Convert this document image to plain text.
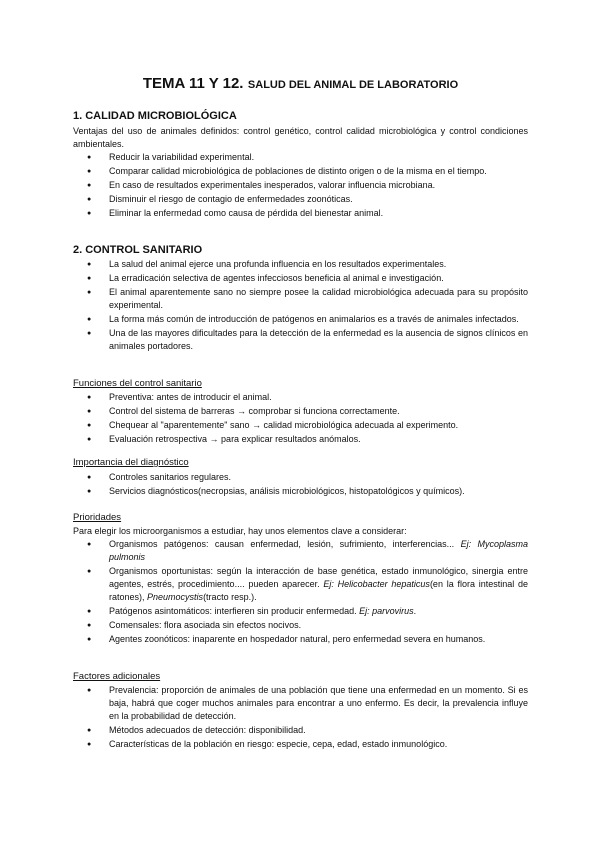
TEMA 11 Y 12. SALUD DEL ANIMAL DE LABORATORIO
1. CALIDAD MICROBIOLÓGICA

Ventajas del uso de animales definidos: control genético, control calidad microbiológica y control condiciones ambientales.

● Reducir la variabilidad experimental.
● Comparar calidad microbiológica de poblaciones de distinto origen o de la misma en el tiempo.
● En caso de resultados experimentales inesperados, valorar influencia microbiana.
● Disminuir el riesgo de contagio de enfermedades zoonóticas.
● Eliminar la enfermedad como causa de pérdida del bienestar animal.
2. CONTROL SANITARIO
● La salud del animal ejerce una profunda influencia en los resultados experimentales.
● La erradicación selectiva de agentes infecciosos beneficia al animal e investigación.
● El animal aparentemente sano no siempre posee la calidad microbiológica adecuada para su propósito experimental.
● La forma más común de introducción de patógenos en animalarios es a través de animales infectados.
● Una de las mayores dificultades para la detección de la enfermedad es la ausencia de signos clínicos en animales portadores.
Funciones del control sanitario
● Preventiva: antes de introducir el animal.
● Control del sistema de barreras → comprobar si funciona correctamente.
● Chequear al "aparentemente" sano → calidad microbiológica adecuada al experimento.
● Evaluación retrospectiva → para explicar resultados anómalos.
Importancia del diagnóstico
● Controles sanitarios regulares.
● Servicios diagnósticos(necropsias, análisis microbiológicos, histopatológicos y químicos).
Prioridades

Para elegir los microorganismos a estudiar, hay unos elementos clave a considerar:

● Organismos patógenos: causan enfermedad, lesión, sufrimiento, interferencias... Ej: Mycoplasma pulmonis
● Organismos oportunistas: según la interacción de base genética, estado inmunológico, sinergia entre agentes, estrés, procedimiento.... pueden aparecer. Ej: Helicobacter hepaticus(en la flora intestinal de ratones), Pneumocystis(tracto resp.).
● Patógenos asintomáticos: interfieren sin producir enfermedad. Ej: parvovirus.
● Comensales: flora asociada sin efectos nocivos.
● Agentes zoonóticos: inaparente en hospedador natural, pero enfermedad severa en humanos.
Factores adicionales
● Prevalencia: proporción de animales de una población que tiene una enfermedad en un momento. Si es baja, habrá que coger muchos animales para encontrar a uno enfermo. Es decir, la prevalencia influye en la probabilidad de detección.
● Métodos adecuados de detección: disponibilidad.
● Características de la población en riesgo: especie, cepa, edad, estado inmunológico.
